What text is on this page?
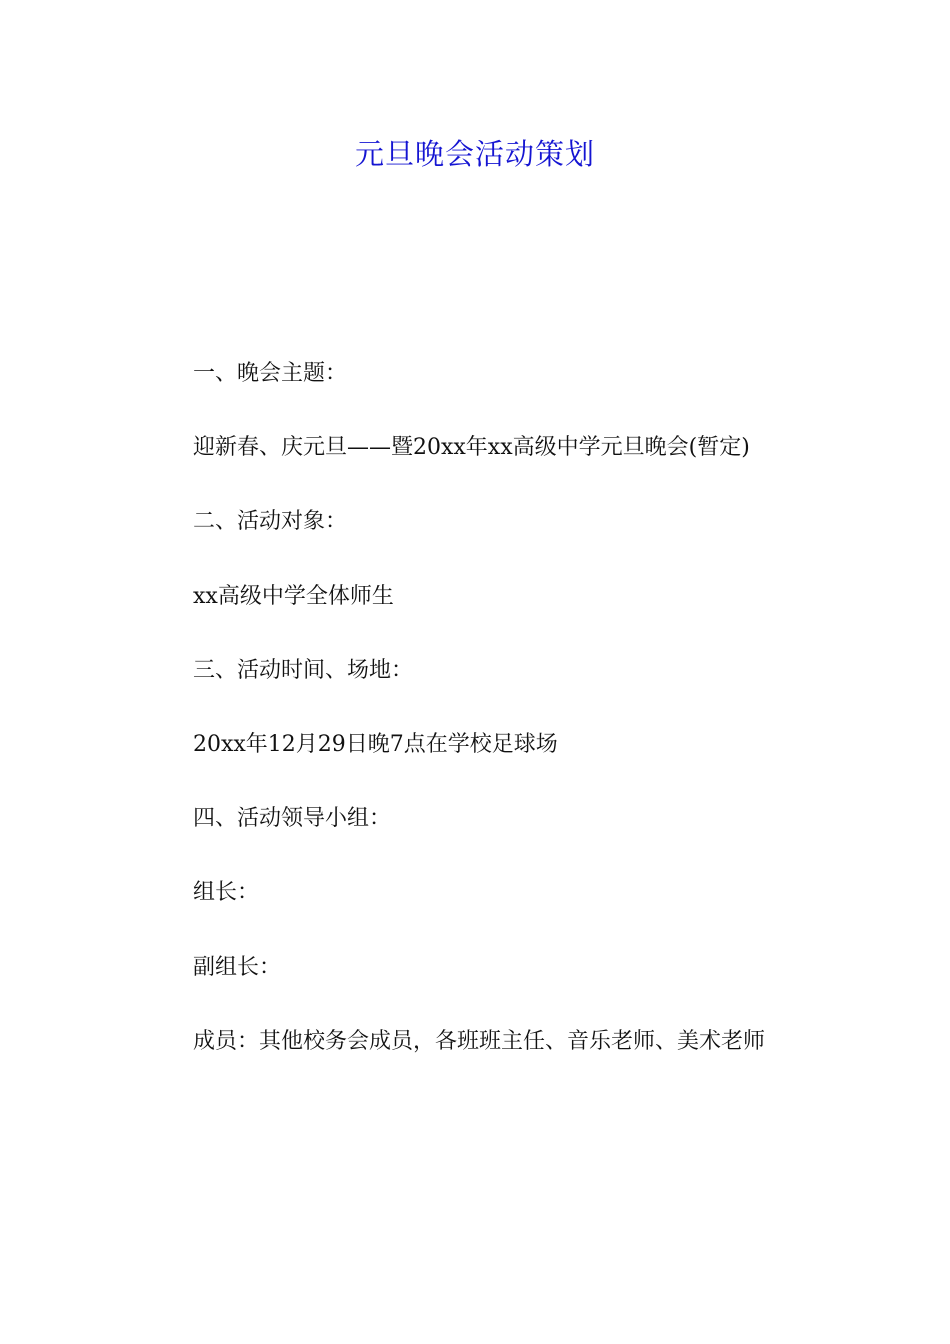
元旦晚会活动策划

一、晚会主题：

迎新春、庆元旦——暨20xx年xx高级中学元旦晚会(暂定)

二、活动对象：

xx高级中学全体师生

三、活动时间、场地：

20xx年12月29日晚7点在学校足球场

四、活动领导小组：

组长：

副组长：

成员：其他校务会成员，各班班主任、音乐老师、美术老师
